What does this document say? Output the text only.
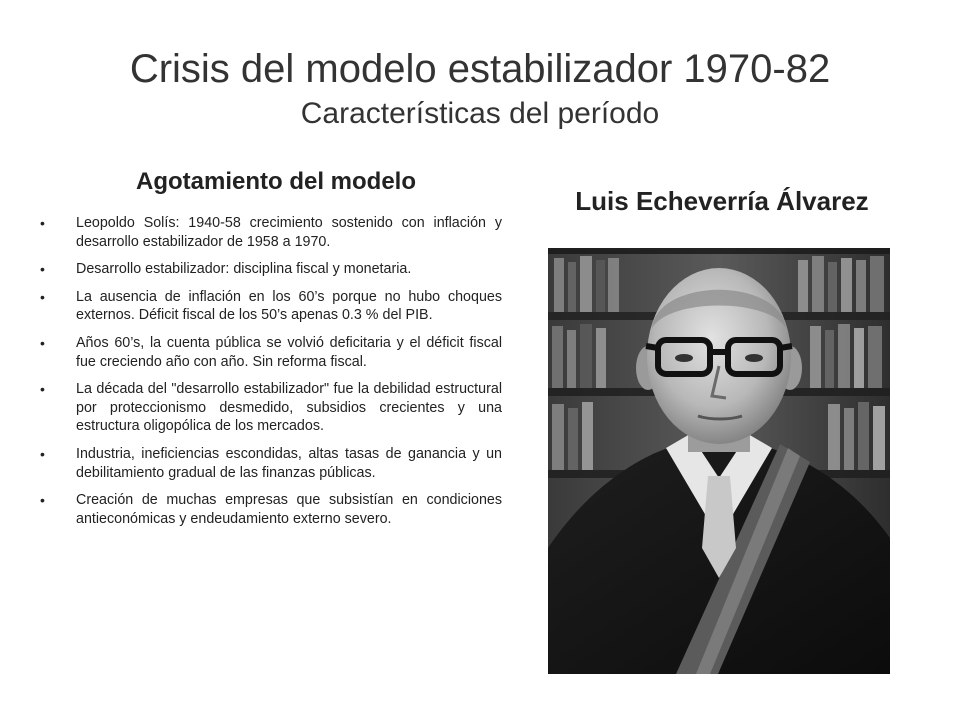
Crisis del modelo estabilizador 1970-82
Características del período
Agotamiento del modelo
•	Leopoldo Solís: 1940-58 crecimiento sostenido con inflación y desarrollo estabilizador de 1958 a 1970.
•	Desarrollo estabilizador: disciplina fiscal y monetaria.
•	La ausencia de inflación en los 60’s porque no hubo choques externos. Déficit fiscal de los 50’s apenas 0.3 % del PIB.
•	Años 60’s, la cuenta pública se volvió deficitaria y el déficit fiscal fue creciendo año con año. Sin reforma fiscal.
•	La década del "desarrollo estabilizador" fue la debilidad estructural por proteccionismo desmedido, subsidios crecientes y una estructura oligopólica de los mercados.
•	Industria, ineficiencias escondidas, altas tasas de ganancia y un debilitamiento gradual de las finanzas públicas.
•	Creación de muchas empresas que subsistían en condiciones antieconómicas y endeudamiento externo severo.
Luis Echeverría Álvarez
